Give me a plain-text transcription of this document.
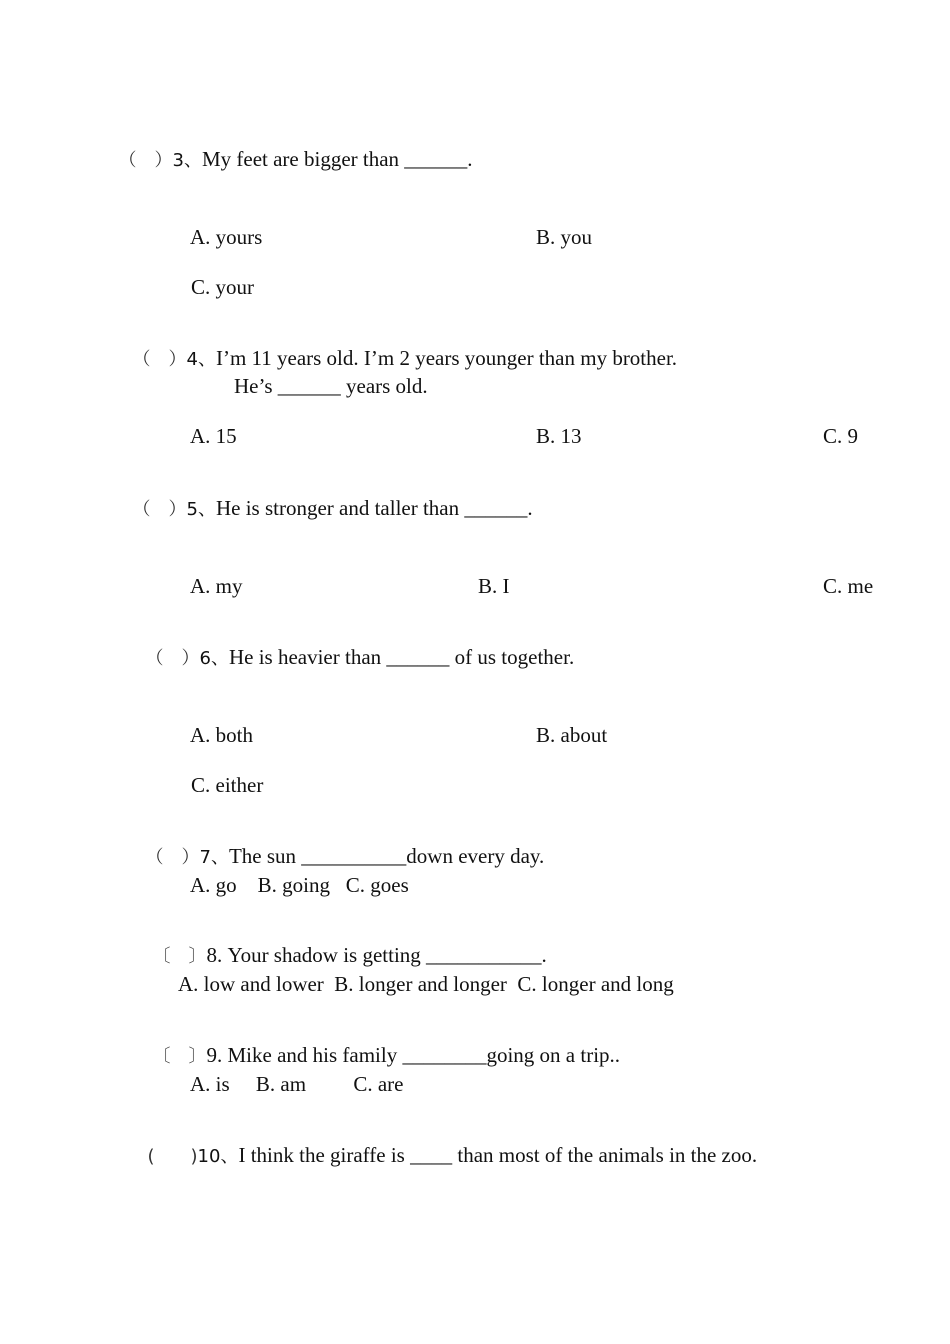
（　）3、My feet are bigger than ______.

A. yours	B. you
C. your

（　）4、I’m 11 years old. I’m 2 years younger than my brother.

He’s ______ years old.
A. 15	B. 13	C. 9

（　）5、He is stronger and taller than ______.

A. my	B. I	C. me

（　）6、He is heavier than ______ of us together.

A. both	B. about
C. either

（　）7、The sun __________down every day.

A. go    B. going   C. goes

〔　〕8. Your shadow is getting ___________.

A. low and lower  B. longer and longer  C. longer and long

〔　〕9. Mike and his family ________going on a trip..

A. is     B. am         C. are

(　　)10、I think the giraffe is ____ than most of the animals in the zoo.
